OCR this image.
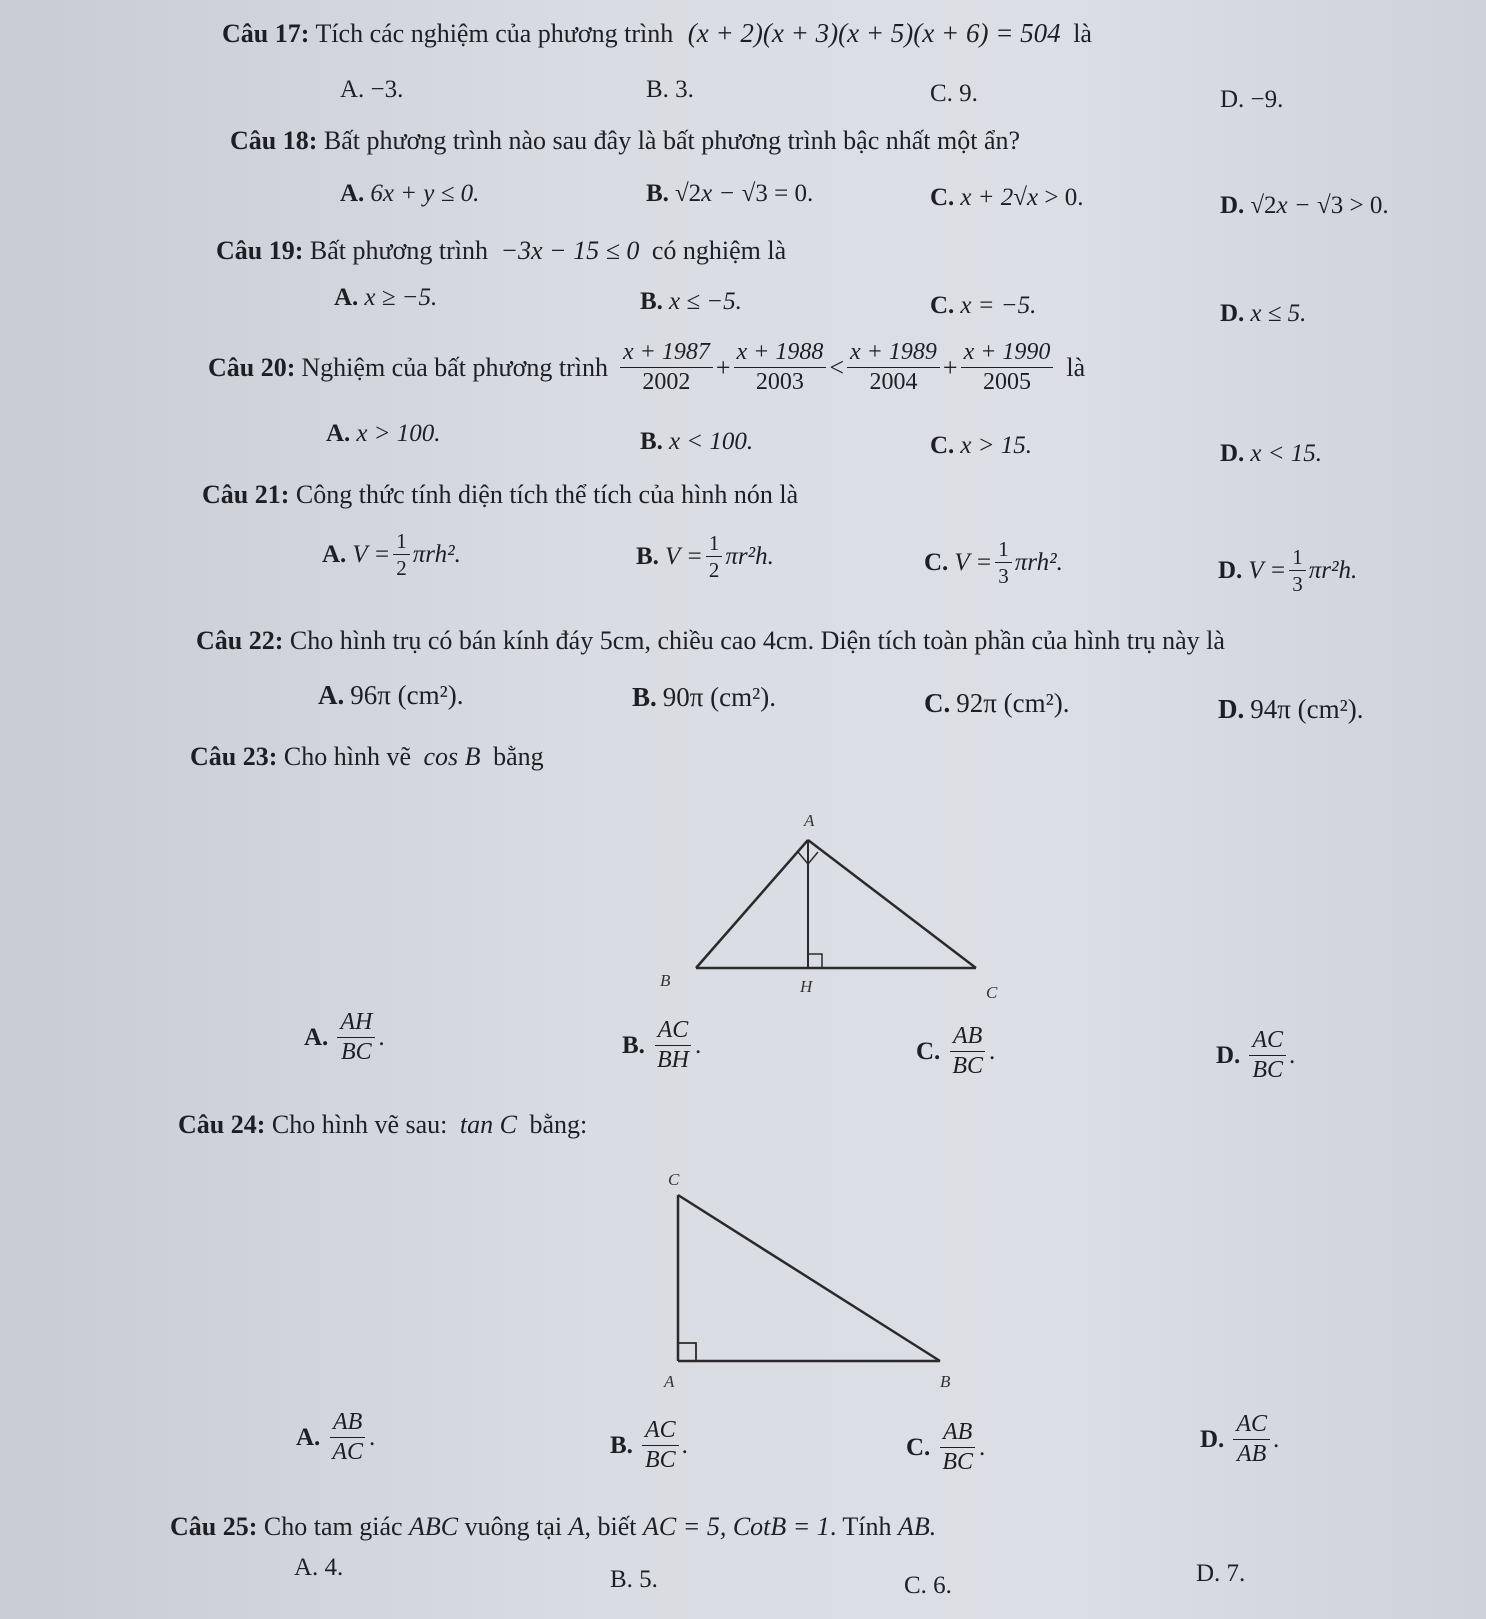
Câu 17: Tích các nghiệm của phương trình (x + 2)(x + 3)(x + 5)(x + 6) = 504 là
A. −3.	B. 3.	C. 9.	D. −9.
Câu 18: Bất phương trình nào sau đây là bất phương trình bậc nhất một ẩn?
A. 6x + y ≤ 0.	B. √2x − √3 = 0.	C. x + 2√x > 0.	D. √2x − √3 > 0.
Câu 19: Bất phương trình −3x − 15 ≤ 0 có nghiệm là
A. x ≥ −5.	B. x ≤ −5.	C. x = −5.	D. x ≤ 5.
Câu 20: Nghiệm của bất phương trình $\frac{x + 1987}{2002} + \frac{x + 1988}{2003} < \frac{x + 1989}{2004} + \frac{x + 1990}{2005}$ là
A. x > 100.	B. x < 100.	C. x > 15.	D. x < 15.
Câu 21: Công thức tính diện tích thể tích của hình nón là
A. $V = \frac{1}{2} \pi rh^2$.	B. $V = \frac{1}{2} \pi r^2h$.	C. $V = \frac{1}{3} \pi rh^2$.	D. $V = \frac{1}{3} \pi r^2h$.
Câu 22: Cho hình trụ có bán kính đáy 5cm, chiều cao 4cm. Diện tích toàn phần của hình trụ này là
A. 96π (cm²).	B. 90π (cm²).	C. 92π (cm²).	D. 94π (cm²).
Câu 23: Cho hình vẽ cos B bằng
A
B	H	C
A. $\frac{AH}{BC}$ .	B. $\frac{AC}{BH}$ .	C. $\frac{AB}{BC}$ .	D. $\frac{AC}{BC}$ .
Câu 24: Cho hình vẽ sau: tan C bằng:
C
A	B
A. $\frac{AB}{AC}$ .	B. $\frac{AC}{BC}$ .	C. $\frac{AB}{BC}$ .	D. $\frac{AC}{AB}$ .
Câu 25: Cho tam giác ABC vuông tại A, biết AC = 5, CotB = 1. Tính AB.
A. 4.	B. 5.	C. 6.	D. 7.
